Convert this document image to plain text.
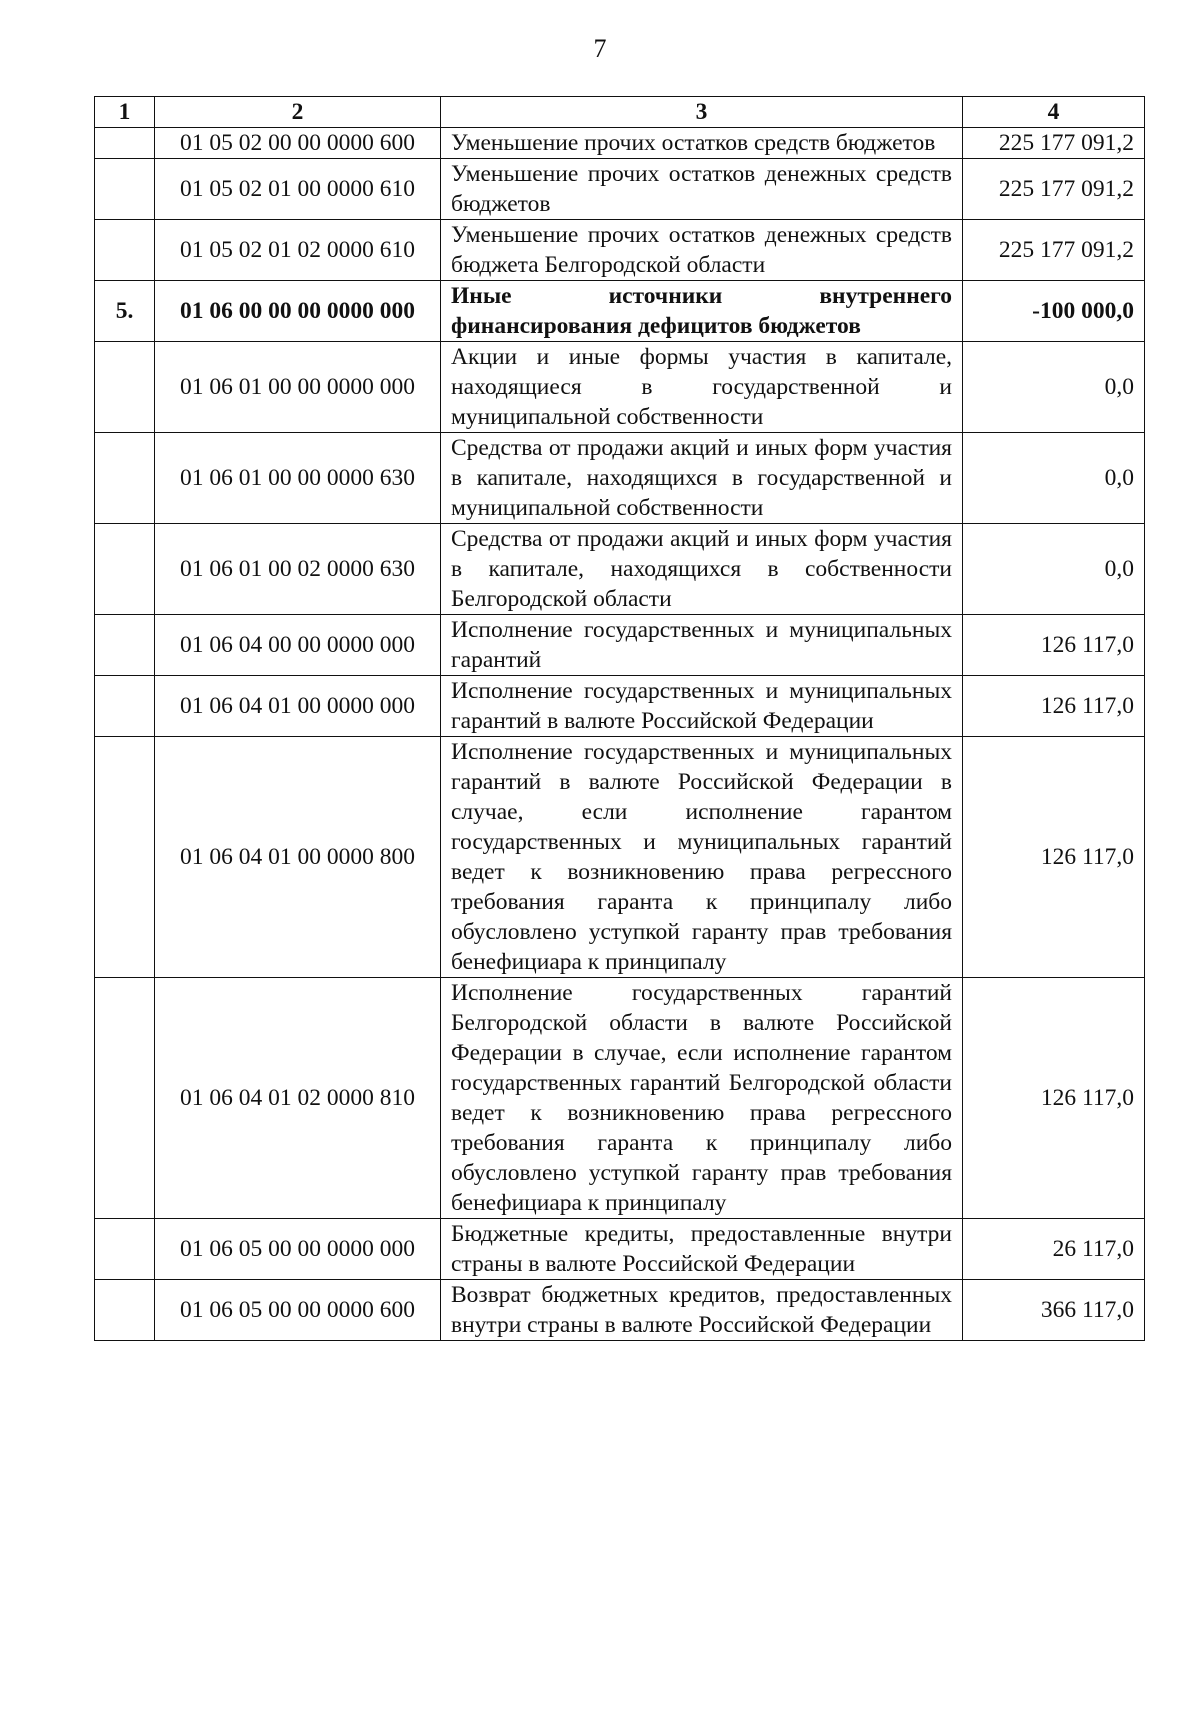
7
1	2	3	4
	01 05 02 00 00 0000 600	Уменьшение прочих остатков средств бюджетов	225 177 091,2
	01 05 02 01 00 0000 610	Уменьшение прочих остатков денежных средств бюджетов	225 177 091,2
	01 05 02 01 02 0000 610	Уменьшение прочих остатков денежных средств бюджета Белгородской области	225 177 091,2
5.	01 06 00 00 00 0000 000	Иные источники внутреннего финансирования дефицитов бюджетов	-100 000,0
	01 06 01 00 00 0000 000	Акции и иные формы участия в капитале, находящиеся в государственной и муниципальной собственности	0,0
	01 06 01 00 00 0000 630	Средства от продажи акций и иных форм участия в капитале, находящихся в государственной и муниципальной собственности	0,0
	01 06 01 00 02 0000 630	Средства от продажи акций и иных форм участия в капитале, находящихся в собственности Белгородской области	0,0
	01 06 04 00 00 0000 000	Исполнение государственных и муниципальных гарантий	126 117,0
	01 06 04 01 00 0000 000	Исполнение государственных и муниципальных гарантий в валюте Российской Федерации	126 117,0
	01 06 04 01 00 0000 800	Исполнение государственных и муниципальных гарантий в валюте Российской Федерации в случае, если исполнение гарантом государственных и муниципальных гарантий ведет к возникновению права регрессного требования гаранта к принципалу либо обусловлено уступкой гаранту прав требования бенефициара к принципалу	126 117,0
	01 06 04 01 02 0000 810	Исполнение государственных гарантий Белгородской области в валюте Российской Федерации в случае, если исполнение гарантом государственных гарантий Белгородской области ведет к возникновению права регрессного требования гаранта к принципалу либо обусловлено уступкой гаранту прав требования бенефициара к принципалу	126 117,0
	01 06 05 00 00 0000 000	Бюджетные кредиты, предоставленные внутри страны в валюте Российской Федерации	26 117,0
	01 06 05 00 00 0000 600	Возврат бюджетных кредитов, предоставленных внутри страны в валюте Российской Федерации	366 117,0
